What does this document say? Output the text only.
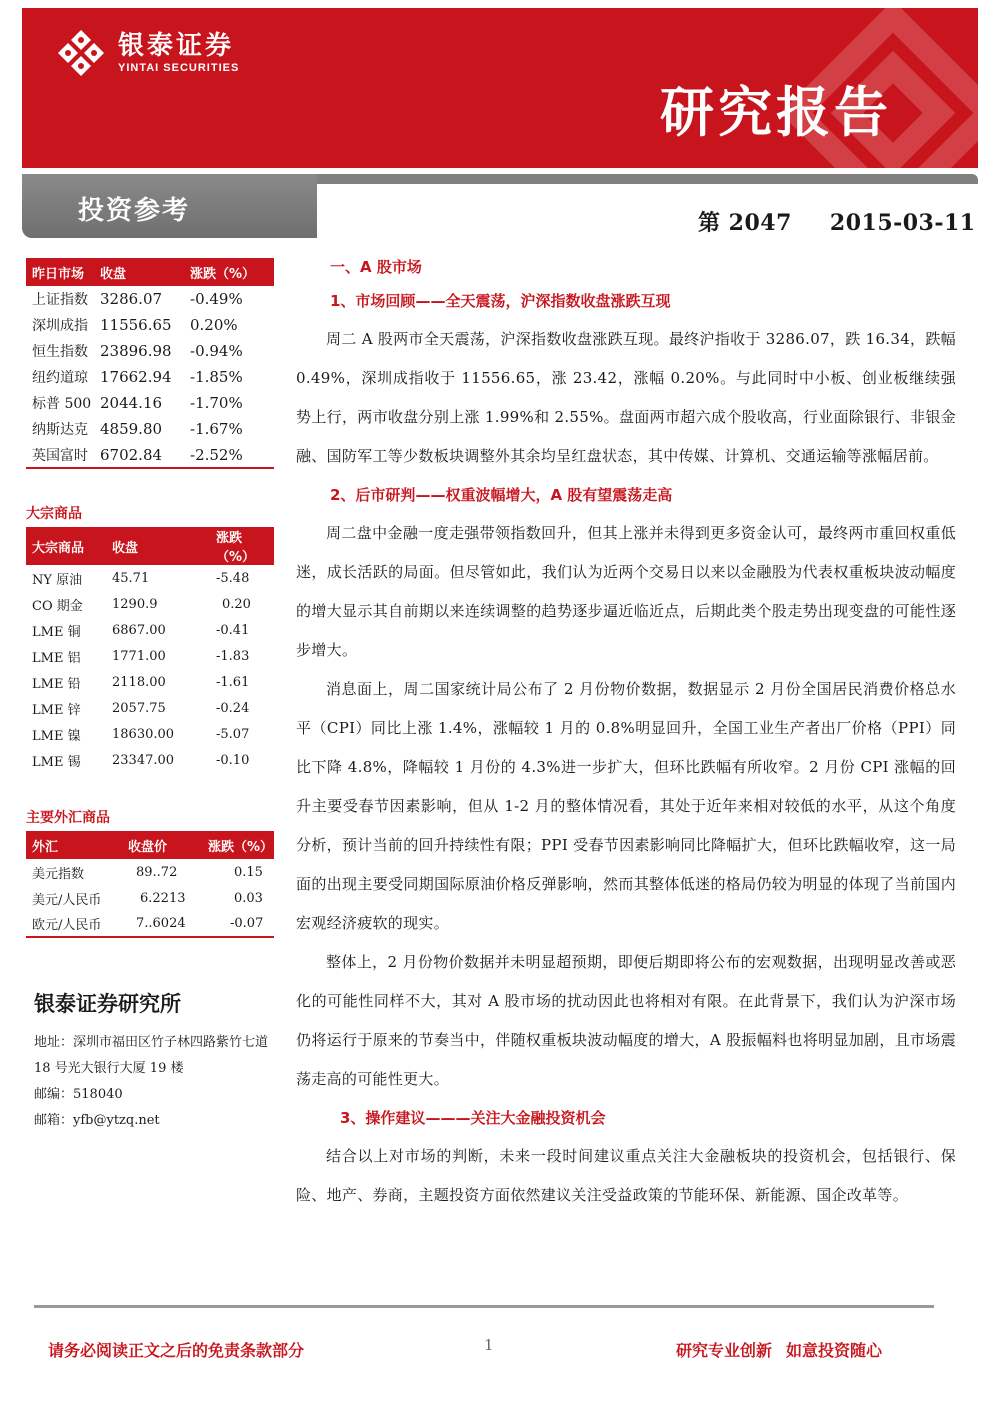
银泰证券
YINTAI SECURITIES
研究报告
投资参考	第 2047 2015-03-11
昨日市场	收盘	涨跌（%）
上证指数	3286.07	-0.49%
深圳成指	11556.65	0.20%
恒生指数	23896.98	-0.94%
纽约道琼	17662.94	-1.85%
标普 500	2044.16	-1.70%
纳斯达克	4859.80	-1.67%
英国富时	6702.84	-2.52%
大宗商品
大宗商品	收盘	涨跌（%）
NY 原油	45.71	-5.48
CO 期金	1290.9	0.20
LME 铜	6867.00	-0.41
LME 铝	1771.00	-1.83
LME 铅	2118.00	-1.61
LME 锌	2057.75	-0.24
LME 镍	18630.00	-5.07
LME 锡	23347.00	-0.10
主要外汇商品
外汇	收盘价	涨跌（%）
美元指数	89..72	0.15
美元/人民币	6.2213	0.03
欧元/人民币	7..6024	-0.07
银泰证券研究所
地址：深圳市福田区竹子林四路紫竹七道 18 号光大银行大厦 19 楼
邮编：518040
邮箱：yfb@ytzq.net
一、A 股市场
1、市场回顾——全天震荡，沪深指数收盘涨跌互现

周二 A 股两市全天震荡，沪深指数收盘涨跌互现。最终沪指收于 3286.07，跌 16.34，跌幅 0.49%，深圳成指收于 11556.65，涨 23.42，涨幅 0.20%。与此同时中小板、创业板继续强势上行，两市收盘分别上涨 1.99%和 2.55%。盘面两市超六成个股收高，行业面除银行、非银金融、国防军工等少数板块调整外其余均呈红盘状态，其中传媒、计算机、交通运输等涨幅居前。

2、后市研判——权重波幅增大，A 股有望震荡走高

周二盘中金融一度走强带领指数回升，但其上涨并未得到更多资金认可，最终两市重回权重低迷，成长活跃的局面。但尽管如此，我们认为近两个交易日以来以金融股为代表权重板块波动幅度的增大显示其自前期以来连续调整的趋势逐步逼近临近点，后期此类个股走势出现变盘的可能性逐步增大。

消息面上，周二国家统计局公布了 2 月份物价数据，数据显示 2 月份全国居民消费价格总水平（CPI）同比上涨 1.4%，涨幅较 1 月的 0.8%明显回升，全国工业生产者出厂价格（PPI）同比下降 4.8%，降幅较 1 月份的 4.3%进一步扩大，但环比跌幅有所收窄。2 月份 CPI 涨幅的回升主要受春节因素影响，但从 1-2 月的整体情况看，其处于近年来相对较低的水平，从这个角度分析，预计当前的回升持续性有限；PPI 受春节因素影响同比降幅扩大，但环比跌幅收窄，这一局面的出现主要受同期国际原油价格反弹影响，然而其整体低迷的格局仍较为明显的体现了当前国内宏观经济疲软的现实。

整体上，2 月份物价数据并未明显超预期，即便后期即将公布的宏观数据，出现明显改善或恶化的可能性同样不大，其对 A 股市场的扰动因此也将相对有限。在此背景下，我们认为沪深市场仍将运行于原来的节奏当中，伴随权重板块波动幅度的增大，A 股振幅料也将明显加剧，且市场震荡走高的可能性更大。

3、操作建议———关注大金融投资机会

结合以上对市场的判断，未来一段时间建议重点关注大金融板块的投资机会，包括银行、保险、地产、券商，主题投资方面依然建议关注受益政策的节能环保、新能源、国企改革等。

请务必阅读正文之后的免责条款部分	1	研究专业创新 如意投资随心
